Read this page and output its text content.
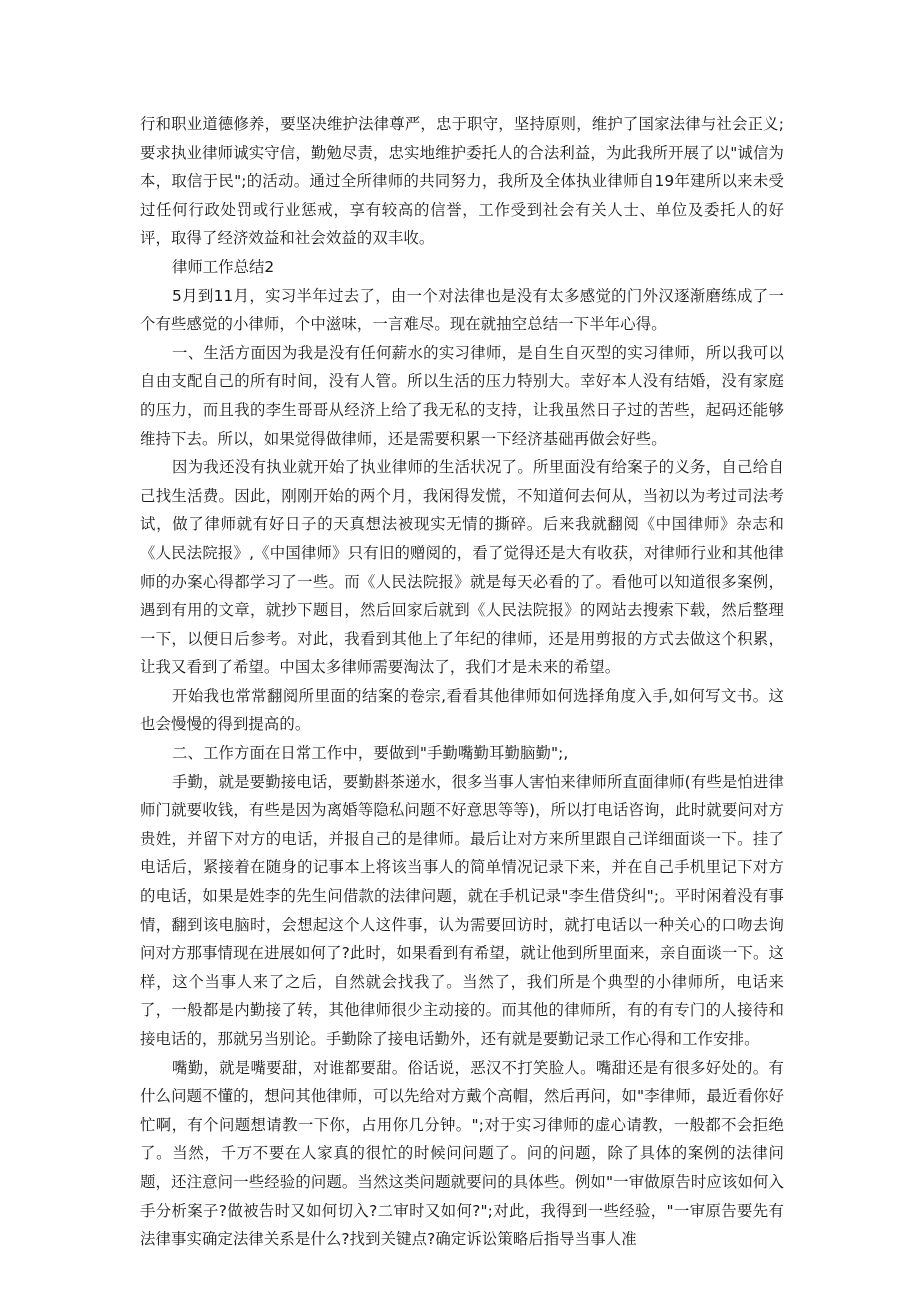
行和职业道德修养，要坚决维护法律尊严，忠于职守，坚持原则，维护了国家法律与社会正义;要求执业律师诚实守信，勤勉尽责，忠实地维护委托人的合法利益，为此我所开展了以"诚信为本，取信于民";的活动。通过全所律师的共同努力，我所及全体执业律师自19年建所以来未受过任何行政处罚或行业惩戒，享有较高的信誉，工作受到社会有关人士、单位及委托人的好评，取得了经济效益和社会效益的双丰收。

律师工作总结2

5月到11月，实习半年过去了，由一个对法律也是没有太多感觉的门外汉逐渐磨练成了一个有些感觉的小律师，个中滋味，一言难尽。现在就抽空总结一下半年心得。

一、生活方面因为我是没有任何薪水的实习律师，是自生自灭型的实习律师，所以我可以自由支配自己的所有时间，没有人管。所以生活的压力特别大。幸好本人没有结婚，没有家庭的压力，而且我的李生哥哥从经济上给了我无私的支持，让我虽然日子过的苦些，起码还能够维持下去。所以，如果觉得做律师，还是需要积累一下经济基础再做会好些。

因为我还没有执业就开始了执业律师的生活状况了。所里面没有给案子的义务，自己给自己找生活费。因此，刚刚开始的两个月，我闲得发慌，不知道何去何从，当初以为考过司法考试，做了律师就有好日子的天真想法被现实无情的撕碎。后来我就翻阅《中国律师》杂志和《人民法院报》,《中国律师》只有旧的赠阅的，看了觉得还是大有收获，对律师行业和其他律师的办案心得都学习了一些。而《人民法院报》就是每天必看的了。看他可以知道很多案例，遇到有用的文章，就抄下题目，然后回家后就到《人民法院报》的网站去搜索下载，然后整理一下，以便日后参考。对此，我看到其他上了年纪的律师，还是用剪报的方式去做这个积累，让我又看到了希望。中国太多律师需要淘汰了，我们才是未来的希望。

开始我也常常翻阅所里面的结案的卷宗,看看其他律师如何选择角度入手,如何写文书。这也会慢慢的得到提高的。

二、工作方面在日常工作中，要做到"手勤嘴勤耳勤脑勤";,

手勤，就是要勤接电话，要勤斟茶递水，很多当事人害怕来律师所直面律师(有些是怕进律师门就要收钱，有些是因为离婚等隐私问题不好意思等等)，所以打电话咨询，此时就要问对方贵姓，并留下对方的电话，并报自己的是律师。最后让对方来所里跟自己详细面谈一下。挂了电话后，紧接着在随身的记事本上将该当事人的简单情况记录下来，并在自己手机里记下对方的电话，如果是姓李的先生问借款的法律问题，就在手机记录"李生借贷纠";。平时闲着没有事情，翻到该电脑时，会想起这个人这件事，认为需要回访时，就打电话以一种关心的口吻去询问对方那事情现在进展如何了?此时，如果看到有希望，就让他到所里面来，亲自面谈一下。这样，这个当事人来了之后，自然就会找我了。当然了，我们所是个典型的小律师所，电话来了，一般都是内勤接了转，其他律师很少主动接的。而其他的律师所，有的有专门的人接待和接电话的，那就另当别论。手勤除了接电话勤外，还有就是要勤记录工作心得和工作安排。

嘴勤，就是嘴要甜，对谁都要甜。俗话说，恶汉不打笑脸人。嘴甜还是有很多好处的。有什么问题不懂的，想问其他律师，可以先给对方戴个高帽，然后再问，如"李律师，最近看你好忙啊，有个问题想请教一下你，占用你几分钟。";对于实习律师的虚心请教，一般都不会拒绝了。当然，千万不要在人家真的很忙的时候问问题了。问的问题，除了具体的案例的法律问题，还注意问一些经验的问题。当然这类问题就要问的具体些。例如"一审做原告时应该如何入手分析案子?做被告时又如何切入?二审时又如何?";对此，我得到一些经验，"一审原告要先有法律事实确定法律关系是什么?找到关键点?确定诉讼策略后指导当事人准
